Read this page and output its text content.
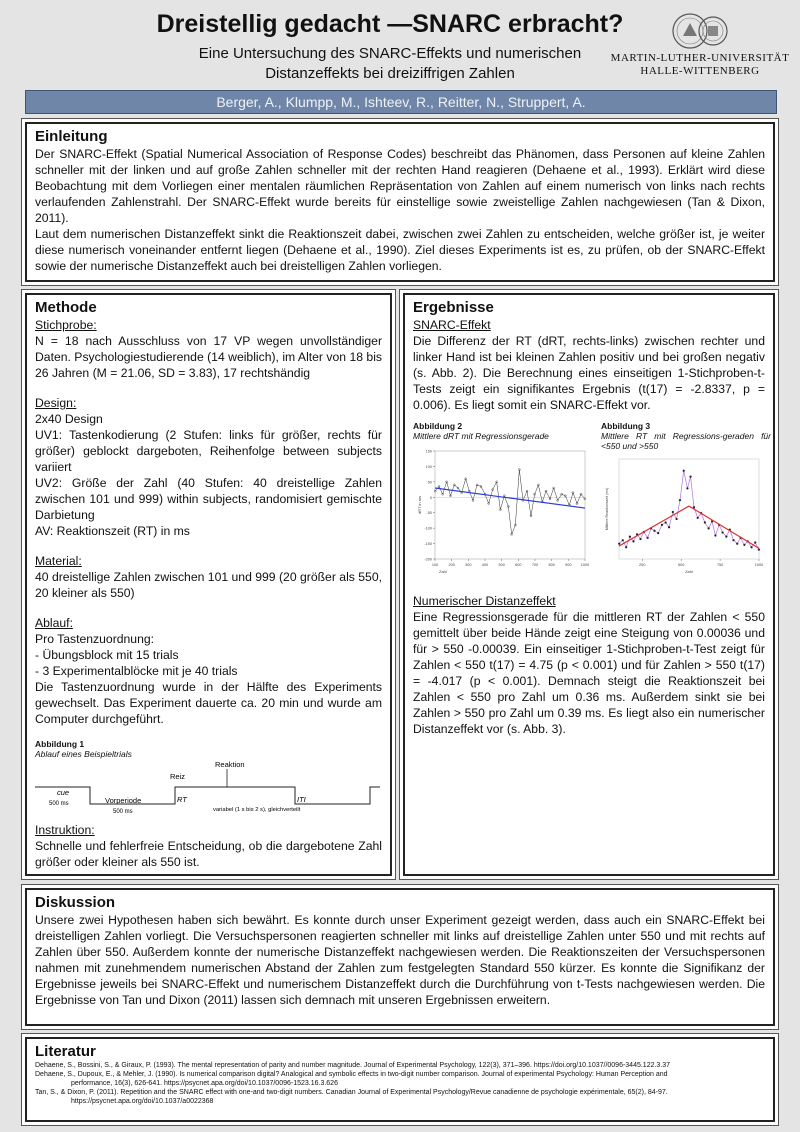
Dreistellig gedacht —SNARC erbracht?
Eine Untersuchung des SNARC-Effekts und numerischen
Distanzeffekts bei dreiziffrigen Zahlen
MARTIN-LUTHER-UNIVERSITÄT
HALLE-WITTENBERG
Berger, A., Klumpp, M., Ishteev, R., Reitter, N., Struppert, A.
Einleitung

Der SNARC-Effekt (Spatial Numerical Association of Response Codes) beschreibt das Phänomen, dass Personen auf kleine Zahlen schneller mit der linken und auf große Zahlen schneller mit der rechten Hand reagieren (Dehaene et al., 1993). Erklärt wird diese Beobachtung mit dem Vorliegen einer mentalen räumlichen Repräsentation von Zahlen auf einem numerisch von links nach rechts verlaufenden Zahlenstrahl. Der SNARC-Effekt wurde bereits für einstellige sowie zweistellige Zahlen nachgewiesen (Tan & Dixon, 2011).

Laut dem numerischen Distanzeffekt sinkt die Reaktionszeit dabei, zwischen zwei Zahlen zu entscheiden, welche größer ist, je weiter diese numerisch voneinander entfernt liegen (Dehaene et al., 1990). Ziel dieses Experiments ist es, zu prüfen, ob der SNARC-Effekt sowie der numerische Distanzeffekt auch bei dreistelligen Zahlen vorliegen.

Methode

Stichprobe:

N = 18 nach Ausschluss von 17 VP wegen unvollständiger Daten. Psychologiestudierende (14 weiblich), im Alter von 18 bis 26 Jahren (M = 21.06, SD = 3.83), 17 rechtshändig

Design:

2x40 Design

UV1: Tastenkodierung (2 Stufen: links für größer, rechts für größer) geblockt dargeboten, Reihenfolge between subjects variiert

UV2: Größe der Zahl (40 Stufen: 40 dreistellige Zahlen zwischen 101 und 999) within subjects, randomisiert gemischte Darbietung

AV: Reaktionszeit (RT) in ms

Material:

40 dreistellige Zahlen zwischen 101 und 999 (20 größer als 550, 20 kleiner als 550)

Ablauf:

Pro Tastenzuordnung:

- Übungsblock mit 15 trials

- 3 Experimentalblöcke mit je 40 trials

Die Tastenzuordnung wurde in der Hälfte des Experiments gewechselt. Das Experiment dauerte ca. 20 min und wurde am Computer durchgeführt.

Abbildung 1

Ablauf eines Beispieltrials

Reaktion
Reiz
cue
500 ms	Vorperiode
500 ms
RT	ITI
variabel (1 s bis 2 s), gleichverteilt

Instruktion:

Schnelle und fehlerfreie Entscheidung, ob die dargebotene Zahl größer oder kleiner als 550 ist.

Ergebnisse

SNARC-Effekt

Die Differenz der RT (dRT, rechts-links) zwischen rechter und linker Hand ist bei kleinen Zahlen positiv und bei großen negativ (s. Abb. 2). Die Berechnung eines einseitigen 1-Stichproben-t-Tests zeigt ein signifikantes Ergebnis (t(17) = -2.8337, p = 0.006). Es liegt somit ein SNARC-Effekt vor.

Abbildung 2

Mittlere dRT mit Regressionsgerade

-200
-150
-100
-50
0
50
100
150
100	200	300	400	500	600	700	800	900 1000
dRT in ms
Zahl

Abbildung 3

Mittlere RT mit Regressions-geraden für <550 und >550

250	500	750	1000
Mittlere Reaktionszeit (ms)
Zahl

Numerischer Distanzeffekt

Eine Regressionsgerade für die mittleren RT der Zahlen < 550 gemittelt über beide Hände zeigt eine Steigung von 0.00036 und für > 550 -0.00039. Ein einseitiger 1-Stichproben-t-Test zeigt für Zahlen < 550 t(17) = 4.75 (p < 0.001) und für Zahlen > 550 t(17) = -4.017 (p < 0.001). Demnach steigt die Reaktionszeit bei Zahlen < 550 pro Zahl um 0.36 ms. Außerdem sinkt sie bei Zahlen > 550 pro Zahl um 0.39 ms. Es liegt also ein numerischer Distanzeffekt vor (s. Abb. 3).

Diskussion

Unsere zwei Hypothesen haben sich bewährt. Es konnte durch unser Experiment gezeigt werden, dass auch ein SNARC-Effekt bei dreistelligen Zahlen vorliegt. Die Versuchspersonen reagierten schneller mit links auf dreistellige Zahlen unter 550 und mit rechts auf Zahlen über 550. Außerdem konnte der numerische Distanzeffekt nachgewiesen werden. Die Reaktionszeiten der Versuchspersonen nahmen mit zunehmendem numerischen Abstand der Zahlen zum festgelegten Standard 550 kürzer. Es konnte die Signifikanz der Ergebnisse jeweils bei SNARC-Effekt und numerischem Distanzeffekt durch die Durchführung von t-Tests nachgewiesen werden. Die Ergebnisse von Tan und Dixon (2011) lassen sich demnach mit unseren Ergebnissen erweitern.

Literatur

Dehaene, S., Bossini, S., & Giraux, P. (1993). The mental representation of parity and number magnitude. Journal of Experimental Psychology, 122(3), 371–396. https://doi.org/10.1037//0096-3445.122.3.37

Dehaene, S., Dupoux, E., & Mehler, J. (1990). Is numerical comparison digital? Analogical and symbolic effects in two-digit number comparison. Journal of experimental Psychology: Human Perception and

performance, 16(3), 626-641. https://psycnet.apa.org/doi/10.1037/0096-1523.16.3.626

Tan, S., & Dixon, P. (2011). Repetition and the SNARC effect with one-and two-digit numbers. Canadian Journal of Experimental Psychology/Revue canadienne de psychologie expérimentale, 65(2), 84-97.

https://psycnet.apa.org/doi/10.1037/a0022368
